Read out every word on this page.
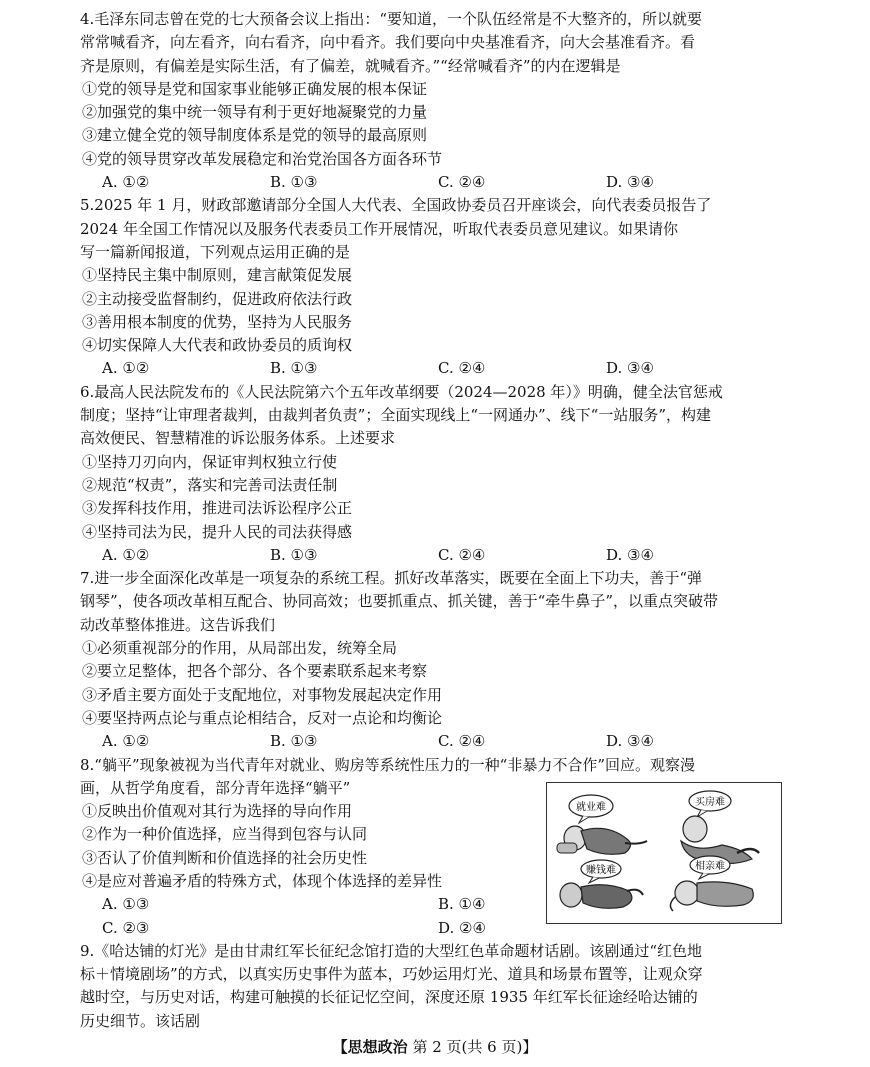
4.毛泽东同志曾在党的七大预备会议上指出：“要知道，一个队伍经常是不大整齐的，所以就要

常常喊看齐，向左看齐，向右看齐，向中看齐。我们要向中央基准看齐，向大会基准看齐。看

齐是原则，有偏差是实际生活，有了偏差，就喊看齐。”“经常喊看齐”的内在逻辑是

①党的领导是党和国家事业能够正确发展的根本保证

②加强党的集中统一领导有利于更好地凝聚党的力量

③建立健全党的领导制度体系是党的领导的最高原则

④党的领导贯穿改革发展稳定和治党治国各方面各环节

A. ①②	B. ①③	C. ②④	D. ③④

5.2025 年 1 月，财政部邀请部分全国人大代表、全国政协委员召开座谈会，向代表委员报告了

2024 年全国工作情况以及服务代表委员工作开展情况，听取代表委员意见建议。如果请你

写一篇新闻报道，下列观点运用正确的是

①坚持民主集中制原则，建言献策促发展

②主动接受监督制约，促进政府依法行政

③善用根本制度的优势，坚持为人民服务

④切实保障人大代表和政协委员的质询权

A. ①②	B. ①③	C. ②④	D. ③④

6.最高人民法院发布的《人民法院第六个五年改革纲要（2024—2028 年）》明确，健全法官惩戒

制度；坚持“让审理者裁判，由裁判者负责”；全面实现线上“一网通办”、线下“一站服务”，构建

高效便民、智慧精准的诉讼服务体系。上述要求

①坚持刀刃向内，保证审判权独立行使

②规范“权责”，落实和完善司法责任制

③发挥科技作用，推进司法诉讼程序公正

④坚持司法为民，提升人民的司法获得感

A. ①②	B. ①③	C. ②④	D. ③④

7.进一步全面深化改革是一项复杂的系统工程。抓好改革落实，既要在全面上下功夫，善于“弹

钢琴”，使各项改革相互配合、协同高效；也要抓重点、抓关键，善于“牵牛鼻子”，以重点突破带

动改革整体推进。这告诉我们

①必须重视部分的作用，从局部出发，统筹全局

②要立足整体，把各个部分、各个要素联系起来考察

③矛盾主要方面处于支配地位，对事物发展起决定作用

④要坚持两点论与重点论相结合，反对一点论和均衡论

A. ①②	B. ①③	C. ②④	D. ③④

8.“躺平”现象被视为当代青年对就业、购房等系统性压力的一种“非暴力不合作”回应。观察漫

画，从哲学角度看，部分青年选择“躺平”

①反映出价值观对其行为选择的导向作用

②作为一种价值选择，应当得到包容与认同

③否认了价值判断和价值选择的社会历史性

④是应对普遍矛盾的特殊方式，体现个体选择的差异性

A. ①③	B. ①④
C. ②③	D. ②④

9.《哈达铺的灯光》是由甘肃红军长征纪念馆打造的大型红色革命题材话剧。该剧通过“红色地

标＋情境剧场”的方式，以真实历史事件为蓝本，巧妙运用灯光、道具和场景布置等，让观众穿

越时空，与历史对话，构建可触摸的长征记忆空间，深度还原 1935 年红军长征途经哈达铺的

历史细节。该话剧

就业难	买房难
赚钱难	相亲难
【思想政治 第 2 页(共 6 页)】
